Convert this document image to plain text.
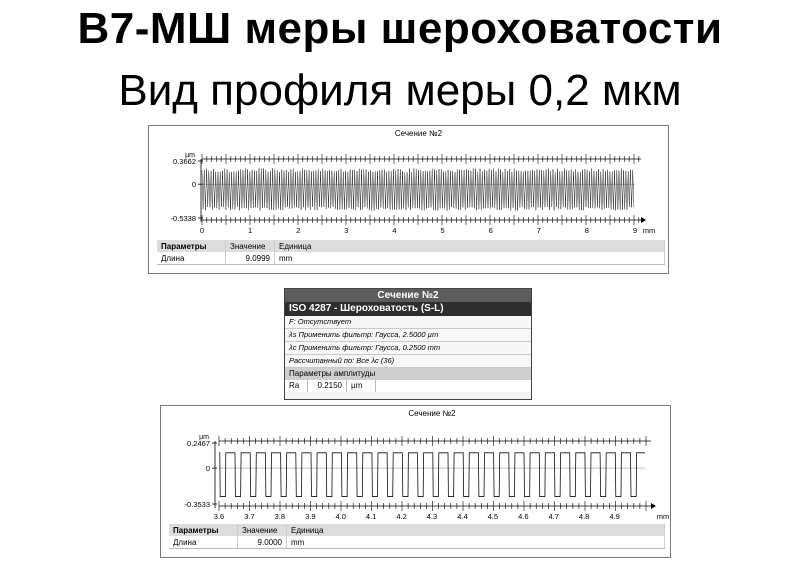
В7-МШ меры шероховатости
Вид профиля меры 0,2 мкм
Сечение №2
µm
0.3662
0
-0.5338
0	1	2	3	4	5	6	7	8	9 mm
Параметры	Значение	Единица
Длина	9.0999	mm
Сечение №2
ISO 4287 - Шероховатость (S-L)
F: Отсутствует
λs Применить фильтр: Гаусса, 2.5000 µm
λc Применить фильтр: Гаусса, 0.2500 mm
Рассчитанный по: Все λc (36)
Параметры амплитуды
Ra	0.2150	µm
Сечение №2
µm
0.2467
0
-0.3533
3.6	3.7	3.8	3.9	4.0	4.1	4.2	4.3	4.4	4.5	4.6	4.7	4.8	4.9	mm
Параметры	Значение	Единица
Длина	9.0000	mm
